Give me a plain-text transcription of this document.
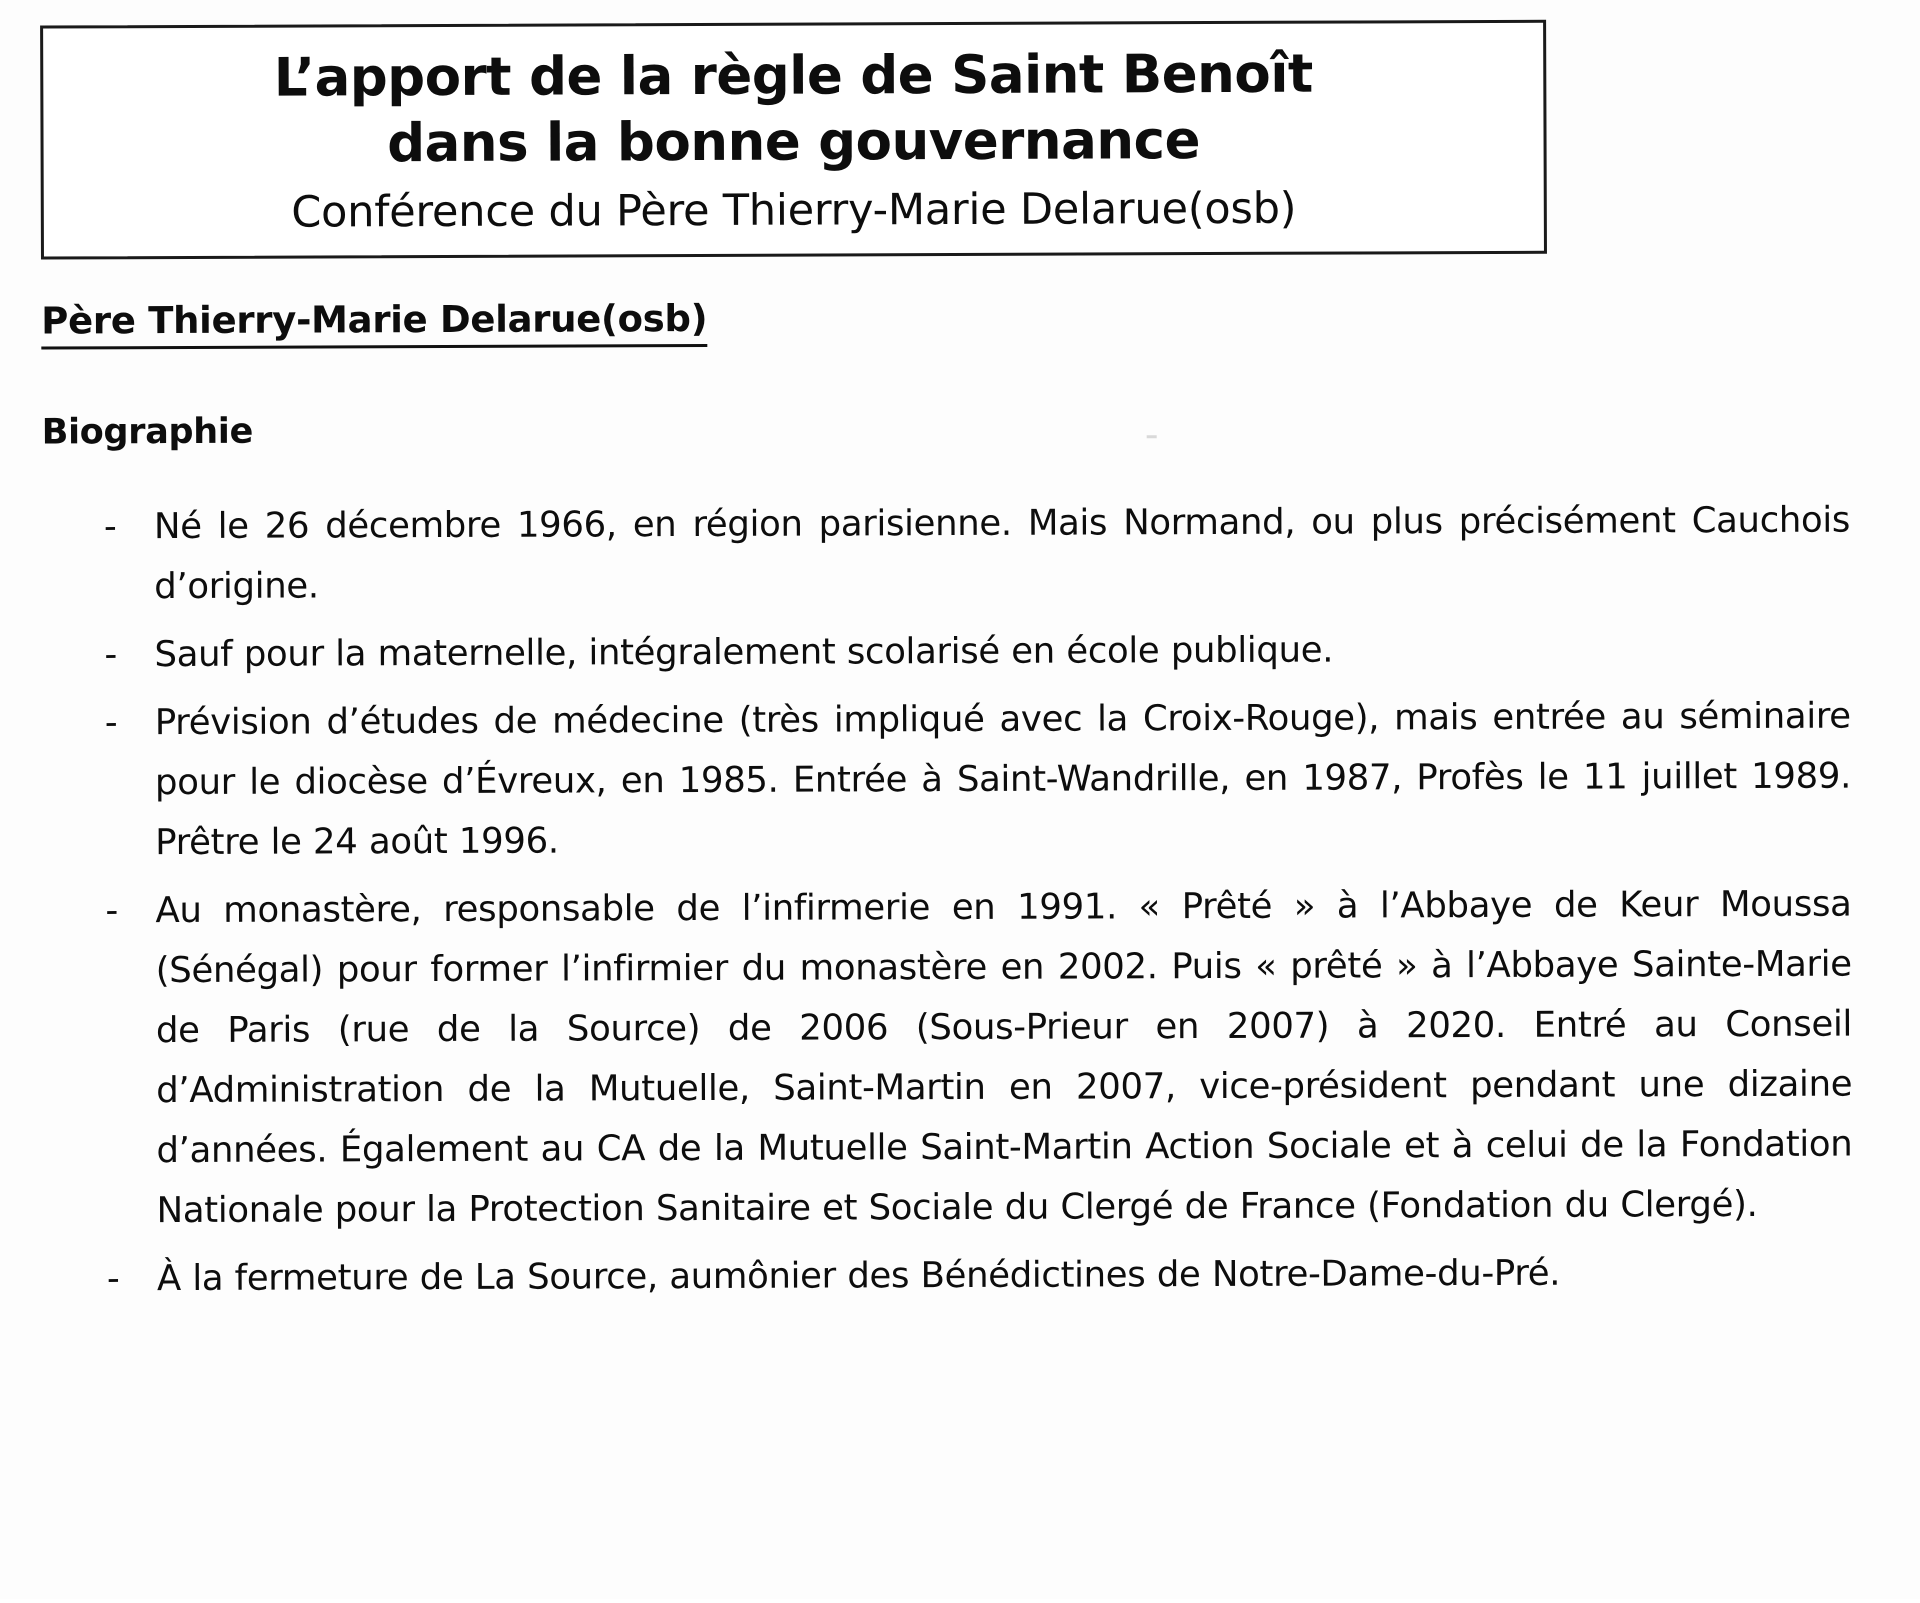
L’apport de la règle de Saint Benoît
dans la bonne gouvernance
Conférence du Père Thierry-Marie Delarue(osb)
Père Thierry-Marie Delarue(osb)
Biographie
- Né le 26 décembre 1966, en région parisienne. Mais Normand, ou plus précisément Cauchois d’origine.
- Sauf pour la maternelle, intégralement scolarisé en école publique.
- Prévision d’études de médecine (très impliqué avec la Croix-Rouge), mais entrée au séminaire pour le diocèse d’Évreux, en 1985. Entrée à Saint-Wandrille, en 1987, Profès le 11 juillet 1989. Prêtre le 24 août 1996.
- Au monastère, responsable de l’infirmerie en 1991. « Prêté » à l’Abbaye de Keur Moussa (Sénégal) pour former l’infirmier du monastère en 2002. Puis « prêté » à l’Abbaye Sainte-Marie de Paris (rue de la Source) de 2006 (Sous-Prieur en 2007) à 2020. Entré au Conseil d’Administration de la Mutuelle, Saint-Martin en 2007, vice-président pendant une dizaine d’années. Également au CA de la Mutuelle Saint-Martin Action Sociale et à celui de la Fondation Nationale pour la Protection Sanitaire et Sociale du Clergé de France (Fondation du Clergé).
- À la fermeture de La Source, aumônier des Bénédictines de Notre-Dame-du-Pré.
